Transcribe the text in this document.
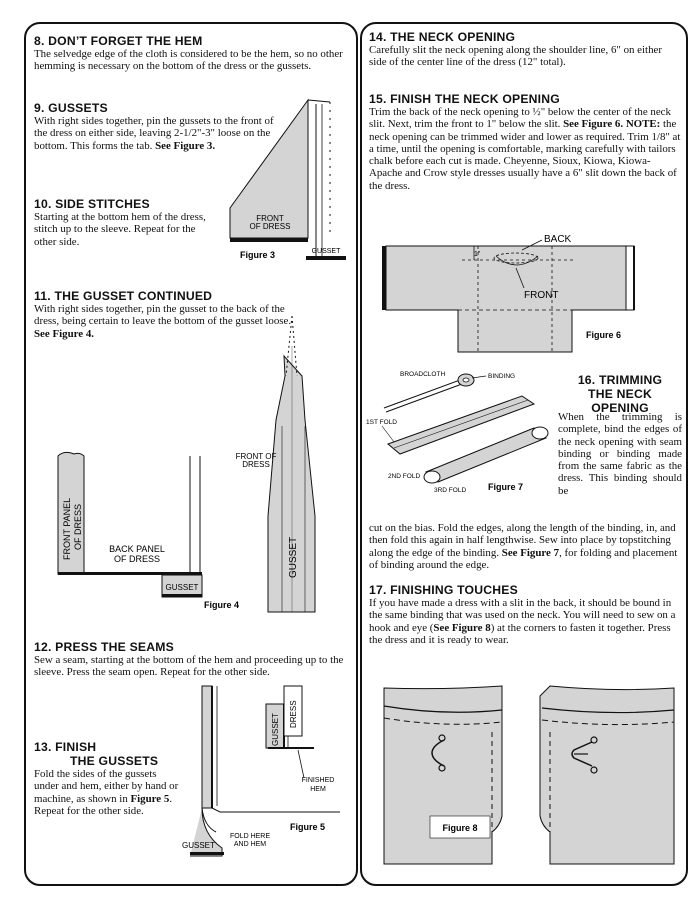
8. DON’T FORGET THE HEM

The selvedge edge of the cloth is considered to be the hem, so no other hemming is necessary on the bottom of the dress or the gussets.

9. GUSSETS

With right sides together, pin the gussets to the front of the dress on either side, leaving 2-1/2"-3" loose on the bottom. This forms the tab. See Figure 3.

10. SIDE STITCHES

Starting at the bottom hem of the dress, stitch up to the sleeve. Repeat for the other side.

FRONT
OF DRESS
GUSSET
Figure 3
11. THE GUSSET CONTINUED

With right sides together, pin the gusset to the back of the dress, being certain to leave the bottom of the gusset loose. See Figure 4.

FRONT PANEL OF DRESS	BACK PANEL
OF DRESS
GUSSET
FRONT OF
DRESS
GUSSET
Figure 4
12. PRESS THE SEAMS

Sew a seam, starting at the bottom of the hem and proceeding up to the sleeve. Press the seam open. Repeat for the other side.

13. FINISH
THE GUSSETS

Fold the sides of the gussets under and hem, either by hand or machine, as shown in Figure 5. Repeat for the other side.

GUSSET DRESS
FINISHED
HEM
FOLD HERE
AND HEM
GUSSET
Figure 5
14. THE NECK OPENING

Carefully slit the neck opening along the shoulder line, 6" on either side of the center line of the dress (12" total).

15. FINISH THE NECK OPENING

Trim the back of the neck opening to ½" below the center of the neck slit. Next, trim the front to 1" below the slit. See Figure 6. NOTE: the neck opening can be trimmed wider and lower as required. Trim 1/8" at a time, until the opening is comfortable, marking carefully with tailors chalk before each cut is made. Cheyenne, Sioux, Kiowa, Kiowa-Apache and Crow style dresses usually have a 6" slit down the back of the dress.

1"
BACK
FRONT
Figure 6
BROADCLOTH	BINDING
1ST FOLD
2ND FOLD
3RD FOLD Figure 7
16. TRIMMING
THE NECK
OPENING

When the trimming is complete, bind the edges of the neck opening with seam binding or binding made from the same fabric as the dress. This binding should be

cut on the bias. Fold the edges, along the length of the binding, in, and then fold this again in half lengthwise. Sew into place by topstitching along the edge of the binding. See Figure 7, for folding and placement of binding around the edge.

17. FINISHING TOUCHES

If you have made a dress with a slit in the back, it should be bound in the same binding that was used on the neck. You will need to sew on a hook and eye (See Figure 8) at the corners to fasten it together. Press the dress and it is ready to wear.

Figure 8
